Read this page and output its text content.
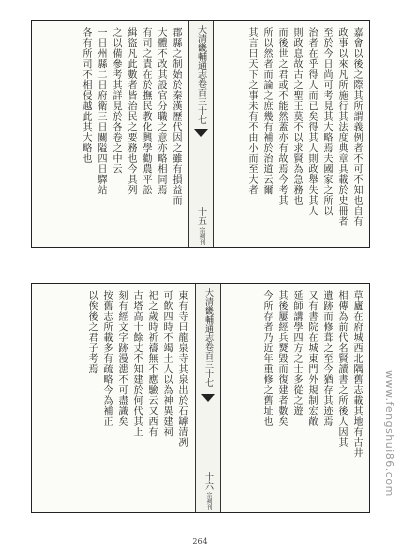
嘉會以後之際其所謂義例者不可不知也自有
政事以來凡所施行其法度典章具載於史冊者
至於今日尚可考見其大略焉夫國家之所以
治者在乎得人而已矣得其人則政舉失其人
則政息故古之聖王莫不以求賢為急務也
而後世之君或不能然蓋亦有故焉今考其
所以然者而論之庶幾有補於治道云爾
其言曰天下之事未有不由小而至大者
大清畿輔通志卷百三十七
十五
宗祠刊
郡縣之制始於秦漢歷代因之雖有損益而
大體不改其設官分職之意亦略相同焉
有司之責在於撫民教化興學勸農平訟
緝盜凡此數者皆治民之要務也今具列
之以備參考其詳見於各卷之中云
一日州縣二日府衛三日關隘四日驛站
各有所司不相侵越此其大略也
草廬在府城西北隅舊志載其地有古井
相傳為前代名賢讀書之所後人因其
遺跡而修葺之至今猶存其迹焉
又有書院在城東門外規制宏敞
延師講學四方之士多從之遊
其後屢經兵燹毀而復建者數矣
今所存者乃近年重修之舊址也
大清畿輔通志卷百三十七
十六
宗祠刊
東有寺曰龍泉寺其泉出於石罅清冽
可飲四時不竭土人以為神異建祠
祀之歲時祈禱無不應驗云又西有
古塔高十餘丈不知建於何代其上
刻有經文字跡漫漶不可盡識矣
按舊志所載多有疏略今為補正
以俟後之君子考焉
www.fengshui86.com
264
